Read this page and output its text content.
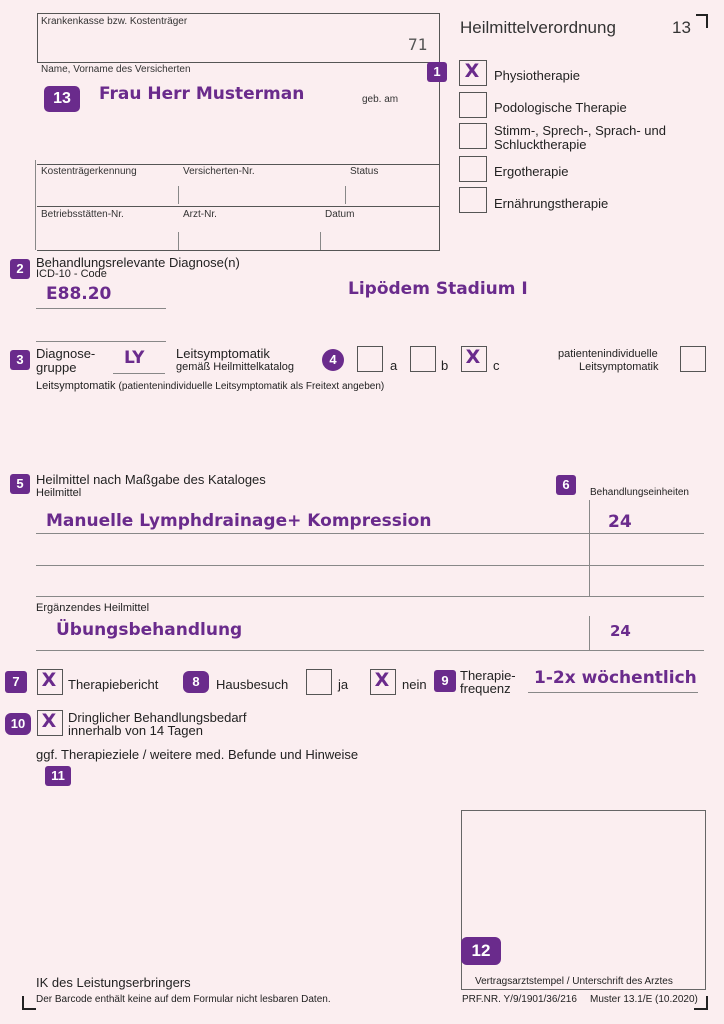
Krankenkasse bzw. Kostenträger
71
Name, Vorname des Versicherten
Frau Herr Musterman	geb. am
Kostenträgerkennung	Versicherten-Nr.	Status
Betriebsstätten-Nr.	Arzt-Nr.	Datum
Heilmittelverordnung	13
X	Physiotherapie
Podologische Therapie
Stimm-, Sprech-, Sprach- und
Schlucktherapie
Ergotherapie
Ernährungstherapie
Behandlungsrelevante Diagnose(n)
ICD-10 - Code
E88.20	Lipödem Stadium I
Diagnose-
gruppe	LY Leitsymptomatik
gemäß Heilmittelkatalog	a	b X c
patientenindividuelle
Leitsymptomatik
Leitsymptomatik (patientenindividuelle Leitsymptomatik als Freitext angeben)
Heilmittel nach Maßgabe des Kataloges
Heilmittel	Behandlungseinheiten
Manuelle Lymphdrainage+ Kompression	24
Ergänzendes Heilmittel
Übungsbehandlung	24
X Therapiebericht	Hausbesuch	ja X nein
Therapie-
frequenz
1-2x wöchentlich
X Dringlicher Behandlungsbedarf
innerhalb von 14 Tagen
ggf. Therapieziele / weitere med. Befunde und Hinweise
Vertragsarztstempel / Unterschrift des Arztes
IK des Leistungserbringers
Der Barcode enthält keine auf dem Formular nicht lesbaren Daten.	PRF.NR. Y/9/1901/36/216 Muster 13.1/E (10.2020)
1
2
3	4
5	6
7	8	9
10
11
12
13
